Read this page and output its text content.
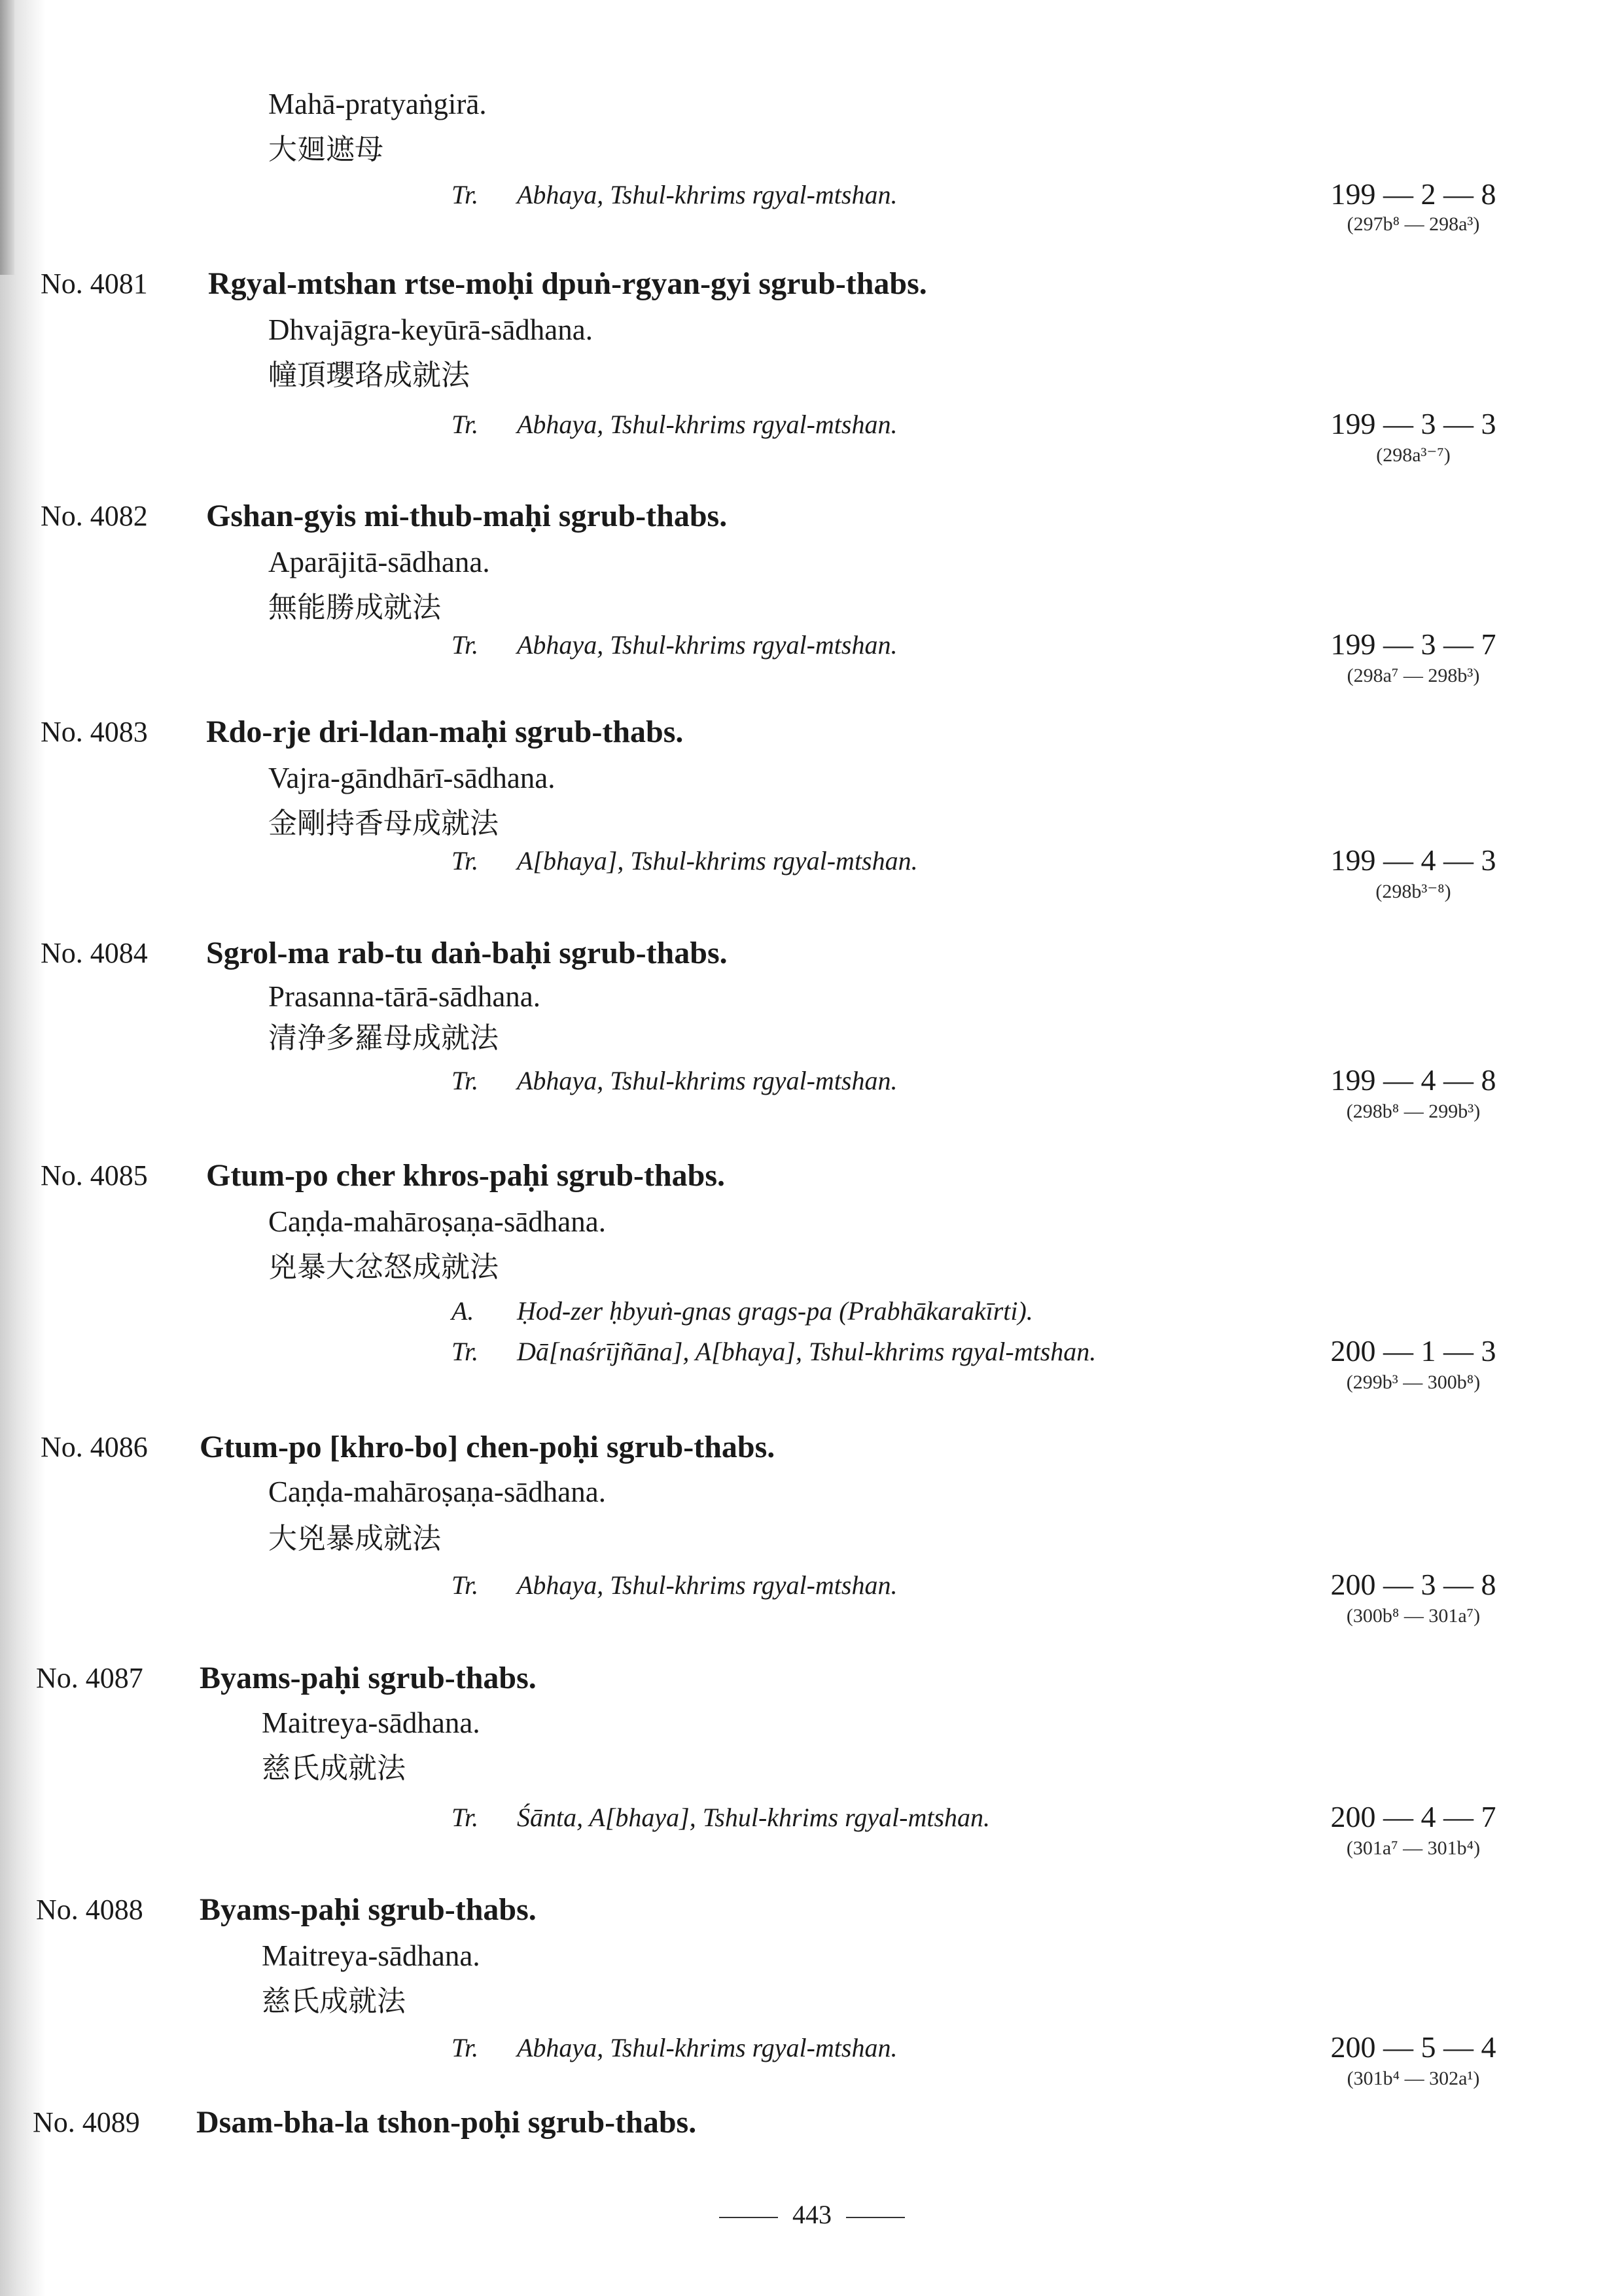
Mahā-pratyaṅgirā.
大廻遮母
Tr. Abhaya, Tshul-khrims rgyal-mtshan.	199 — 2 — 8
(297b⁸ — 298a³)
No. 4081 Rgyal-mtshan rtse-moḥi dpuṅ-rgyan-gyi sgrub-thabs.
Dhvajāgra-keyūrā-sādhana.
幢頂瓔珞成就法
Tr. Abhaya, Tshul-khrims rgyal-mtshan.	199 — 3 — 3
(298a³⁻⁷)
No. 4082 Gshan-gyis mi-thub-maḥi sgrub-thabs.
Aparājitā-sādhana.
無能勝成就法
Tr. Abhaya, Tshul-khrims rgyal-mtshan.	199 — 3 — 7
(298a⁷ — 298b³)
No. 4083 Rdo-rje dri-ldan-maḥi sgrub-thabs.
Vajra-gāndhārī-sādhana.
金剛持香母成就法
Tr. A[bhaya], Tshul-khrims rgyal-mtshan.	199 — 4 — 3
(298b³⁻⁸)
No. 4084 Sgrol-ma rab-tu daṅ-baḥi sgrub-thabs.
Prasanna-tārā-sādhana.
清浄多羅母成就法
Tr. Abhaya, Tshul-khrims rgyal-mtshan.	199 — 4 — 8
(298b⁸ — 299b³)
No. 4085 Gtum-po cher khros-paḥi sgrub-thabs.
Caṇḍa-mahāroṣaṇa-sādhana.
兇暴大忿怒成就法
A. Ḥod-zer ḥbyuṅ-gnas grags-pa (Prabhākarakīrti).
Tr. Dā[naśrījñāna], A[bhaya], Tshul-khrims rgyal-mtshan.	200 — 1 — 3
(299b³ — 300b⁸)
No. 4086 Gtum-po [khro-bo] chen-poḥi sgrub-thabs.
Caṇḍa-mahāroṣaṇa-sādhana.
大兇暴成就法
Tr. Abhaya, Tshul-khrims rgyal-mtshan.	200 — 3 — 8
(300b⁸ — 301a⁷)
No. 4087 Byams-paḥi sgrub-thabs.
Maitreya-sādhana.
慈氏成就法
Tr. Śānta, A[bhaya], Tshul-khrims rgyal-mtshan.	200 — 4 — 7
(301a⁷ — 301b⁴)
No. 4088 Byams-paḥi sgrub-thabs.
Maitreya-sādhana.
慈氏成就法
Tr. Abhaya, Tshul-khrims rgyal-mtshan.	200 — 5 — 4
(301b⁴ — 302a¹)
No. 4089 Dsam-bha-la tshon-poḥi sgrub-thabs.
443
